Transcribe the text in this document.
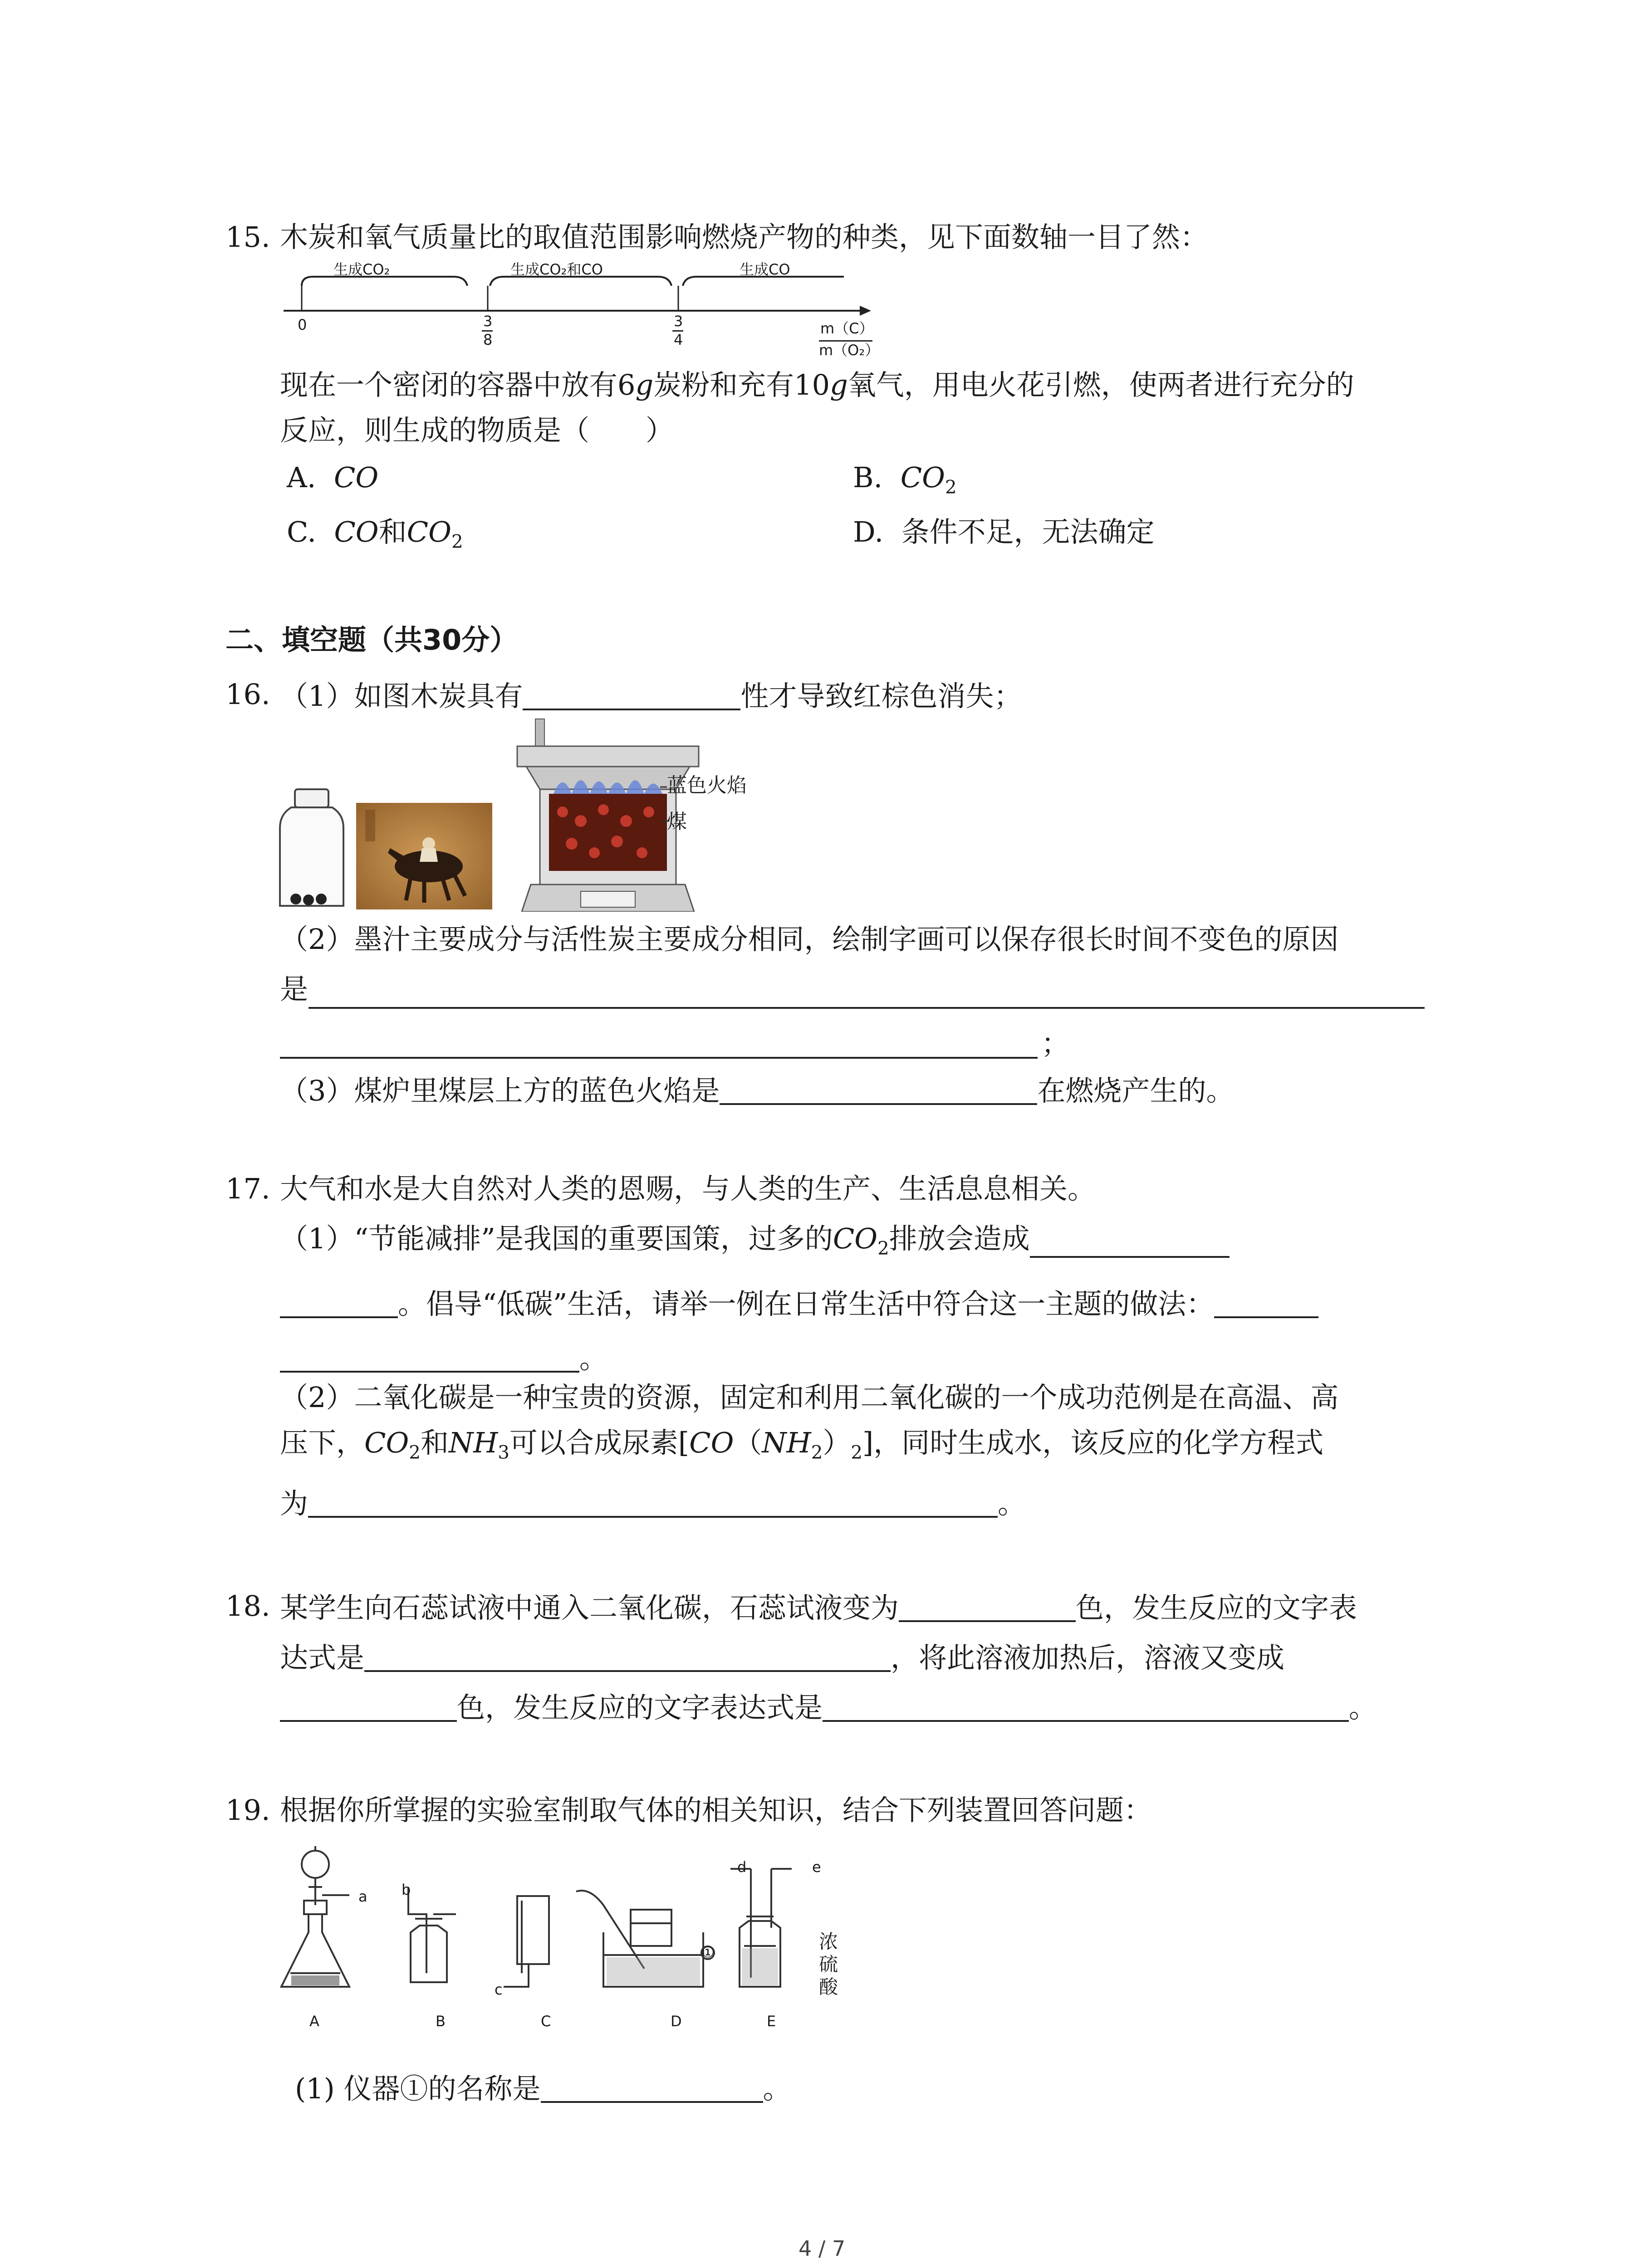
15. 木炭和氧气质量比的取值范围影响燃烧产物的种类，见下面数轴一目了然：
生成CO₂	生成CO₂和CO	生成CO
0	3
8
3
4
m（C）
m（O₂）
现在一个密闭的容器中放有6g炭粉和充有10g氧气，用电火花引燃，使两者进行充分的
反应，则生成的物质是（　　）
A. CO	B. $CO_2$
C. CO和$CO_2$	D. 条件不足，无法确定
二、填空题（共30分）
16. （1）如图木炭具有	性才导致红棕色消失；
蓝色火焰
煤
（2）墨汁主要成分与活性炭主要成分相同，绘制字画可以保存很长时间不变色的原因
是
；
（3）煤炉里煤层上方的蓝色火焰是	在燃烧产生的。
17. 大气和水是大自然对人类的恩赐，与人类的生产、生活息息相关。
（1）“节能减排”是我国的重要国策，过多的$CO_2$排放会造成
。倡导“低碳”生活，请举一例在日常生活中符合这一主题的做法：
。
（2）二氧化碳是一种宝贵的资源，固定和利用二氧化碳的一个成功范例是在高温、高
压下，$CO_2$和$NH_3$可以合成尿素$[CO(NH_2)_2]$，同时生成水，该反应的化学方程式
为	。
18. 某学生向石蕊试液中通入二氧化碳，石蕊试液变为	色，发生反应的文字表
达式是	，将此溶液加热后，溶液又变成
色，发生反应的文字表达式是	。
19. 根据你所掌握的实验室制取气体的相关知识，结合下列装置回答问题：
a b
c
d	e
①	浓
硫
酸
A	B	C	D	E
(1) 仪器①的名称是	。
4 / 7
